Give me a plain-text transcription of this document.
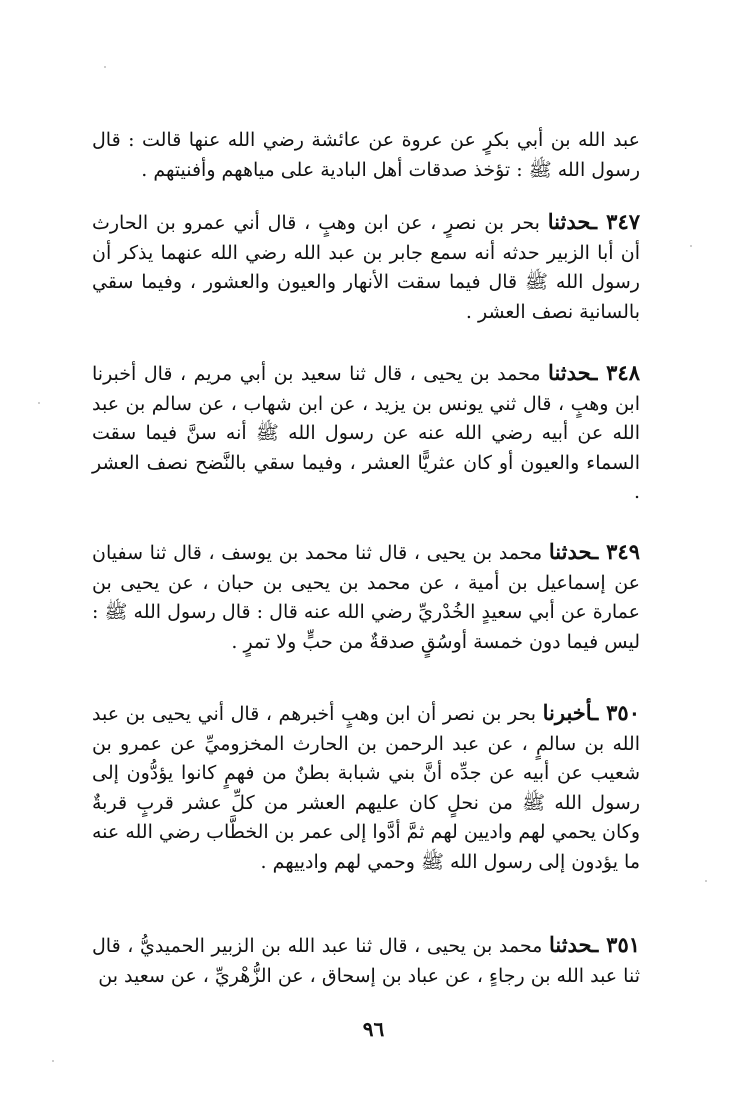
عبد الله بن أبي بكرٍ عن عروة عن عائشة رضي الله عنها قالت : قال رسول الله ﷺ : تؤخذ صدقات أهل البادية على مياههم وأفنيتهم .

٣٤٧ ـحدثنا بحر بن نصرٍ ، عن ابن وهبٍ ، قال أني عمرو بن الحارث أن أبا الزبير حدثه أنه سمع جابر بن عبد الله رضي الله عنهما يذكر أن رسول الله ﷺ قال فيما سقت الأنهار والعيون والعشور ، وفيما سقي بالسانية نصف العشر .

٣٤٨ ـحدثنا محمد بن يحيى ، قال ثنا سعيد بن أبي مريم ، قال أخبرنا ابن وهبٍ ، قال ثني يونس بن يزيد ، عن ابن شهاب ، عن سالم بن عبد الله عن أبيه رضي الله عنه عن رسول الله ﷺ أنه سنَّ فيما سقت السماء والعيون أو كان عثريًّا العشر ، وفيما سقي بالنَّضح نصف العشر .

٣٤٩ ـحدثنا محمد بن يحيى ، قال ثنا محمد بن يوسف ، قال ثنا سفيان عن إسماعيل بن أمية ، عن محمد بن يحيى بن حبان ، عن يحيى بن عمارة عن أبي سعيدٍ الخُدْريِّ رضي الله عنه قال : قال رسول الله ﷺ : ليس فيما دون خمسة أوسُقٍ صدقةٌ من حبٍّ ولا تمرٍ .

٣٥٠ ـأخبرنا بحر بن نصر أن ابن وهبٍ أخبرهم ، قال أني يحيى بن عبد الله بن سالمٍ ، عن عبد الرحمن بن الحارث المخزوميِّ عن عمرو بن شعيب عن أبيه عن جدِّه أنَّ بني شبابة بطنٌ من فهمٍ كانوا يؤدُّون إلى رسول الله ﷺ من نحلٍ كان عليهم العشر من كلِّ عشر قربٍ قربةٌ وكان يحمي لهم واديين لهم ثمَّ أدَّوا إلى عمر بن الخطَّاب رضي الله عنه ما يؤدون إلى رسول الله ﷺ وحمي لهم وادييهم .

٣٥١ ـحدثنا محمد بن يحيى ، قال ثنا عبد الله بن الزبير الحميديُّ ، قال ثنا عبد الله بن رجاءٍ ، عن عباد بن إسحاق ، عن الزُّهْريِّ ، عن سعيد بن

٩٦
